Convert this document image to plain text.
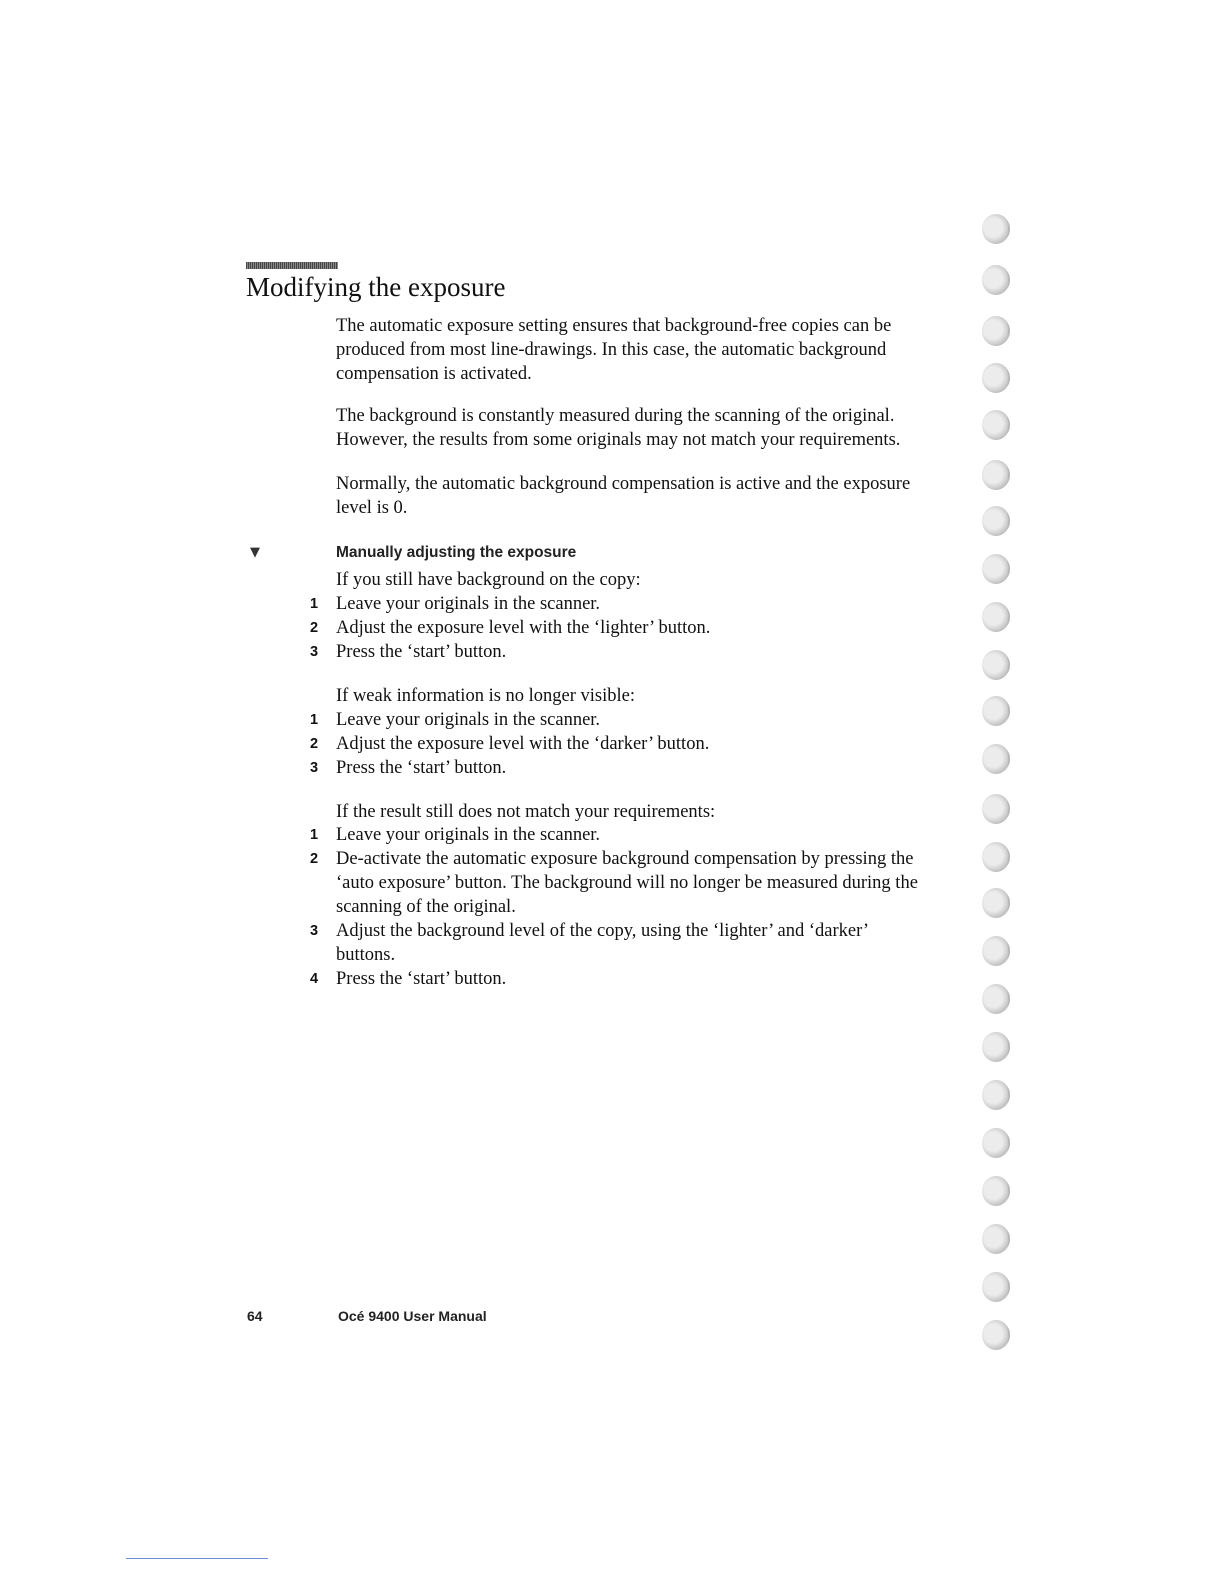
Modifying the exposure

The automatic exposure setting ensures that background-free copies can be produced from most line-drawings. In this case, the automatic background compensation is activated.

The background is constantly measured during the scanning of the original. However, the results from some originals may not match your requirements.

Normally, the automatic background compensation is active and the exposure level is 0.

▼	Manually adjusting the exposure
If you still have background on the copy:
1 Leave your originals in the scanner.
2 Adjust the exposure level with the ‘lighter’ button.
3 Press the ‘start’ button.
If weak information is no longer visible:
1 Leave your originals in the scanner.
2 Adjust the exposure level with the ‘darker’ button.
3 Press the ‘start’ button.
If the result still does not match your requirements:
1 Leave your originals in the scanner.
2 De-activate the automatic exposure background compensation by pressing the ‘auto exposure’ button. The background will no longer be measured during the scanning of the original.
3 Adjust the background level of the copy, using the ‘lighter’ and ‘darker’ buttons.
4 Press the ‘start’ button.
64	Océ 9400 User Manual
